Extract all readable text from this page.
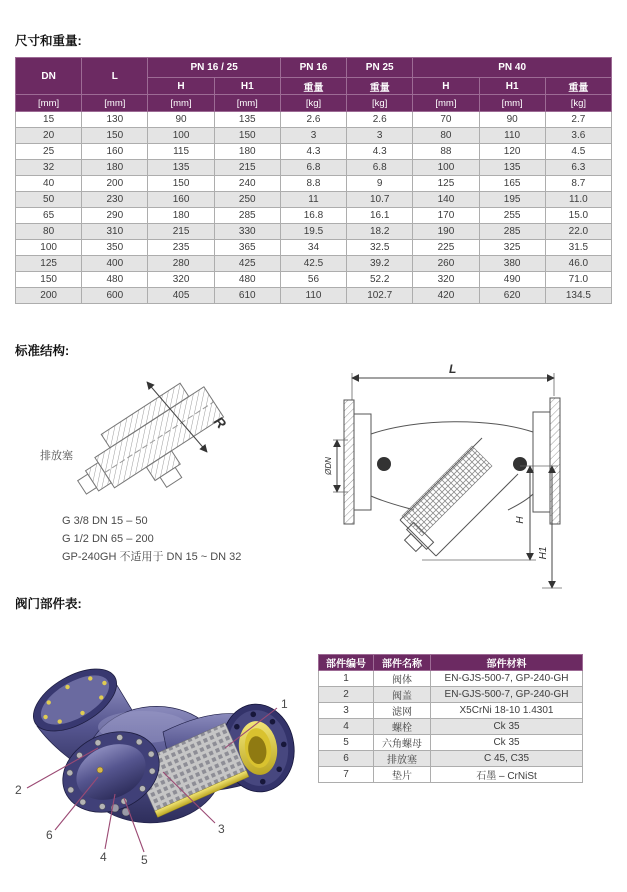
尺寸和重量:
DN	L	PN 16 / 25		PN 16	PN 25	PN 40		
		H	H1	重量	重量	H	H1	重量
[mm]	[mm]	[mm]	[mm]	[kg]	[kg]	[mm]	[mm]	[kg]
15	130	90	135	2.6	2.6	70	90	2.7
20	150	100	150	3	3	80	110	3.6
25	160	115	180	4.3	4.3	88	120	4.5
32	180	135	215	6.8	6.8	100	135	6.3
40	200	150	240	8.8	9	125	165	8.7
50	230	160	250	11	10.7	140	195	11.0
65	290	180	285	16.8	16.1	170	255	15.0
80	310	215	330	19.5	18.2	190	285	22.0
100	350	235	365	34	32.5	225	325	31.5
125	400	280	425	42.5	39.2	260	380	46.0
150	480	320	480	56	52.2	320	490	71.0
200	600	405	610	110	102.7	420	620	134.5
标准结构:
R
排放塞
G 3/8 DN 15 – 50
G 1/2 DN 65 – 200
GP-240GH 不适用于 DN 15 ~ DN 32
L
ØDN
H
H1
阀门部件表:
1
2
3
4	5
6
部件编号	部件名称	部件材料
1	阀体	EN-GJS-500-7, GP-240-GH
2	阀盖	EN-GJS-500-7, GP-240-GH
3	滤网	X5CrNi 18-10 1.4301
4	螺栓	Ck 35
5	六角螺母	Ck 35
6	排放塞	C 45, C35
7	垫片	石墨 – CrNiSt
